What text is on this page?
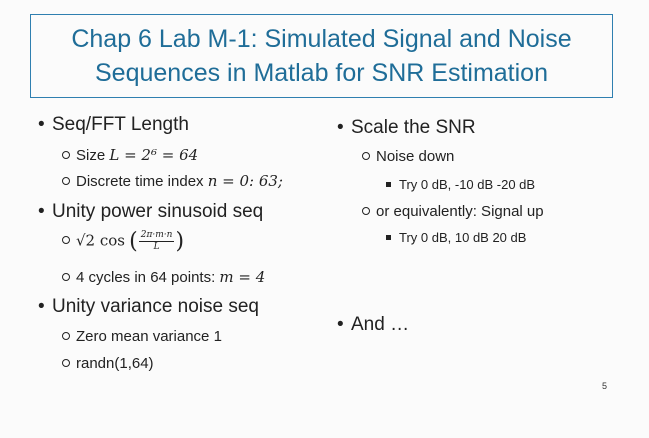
Chap 6 Lab M-1: Simulated Signal and Noise
Sequences in Matlab for SNR Estimation
• Seq/FFT Length
Size L = 2⁶ = 64
Discrete time index n = 0: 63;
• Unity power sinusoid seq
√2 cos ( $\frac{2\pi\cdot m\cdot n}{L}$ )
4 cycles in 64 points: m = 4
• Unity variance noise seq
Zero mean variance 1
randn(1,64)
• Scale the SNR
Noise down
Try 0 dB, -10 dB -20 dB
or equivalently: Signal up
Try 0 dB, 10 dB 20 dB
• And …
5
